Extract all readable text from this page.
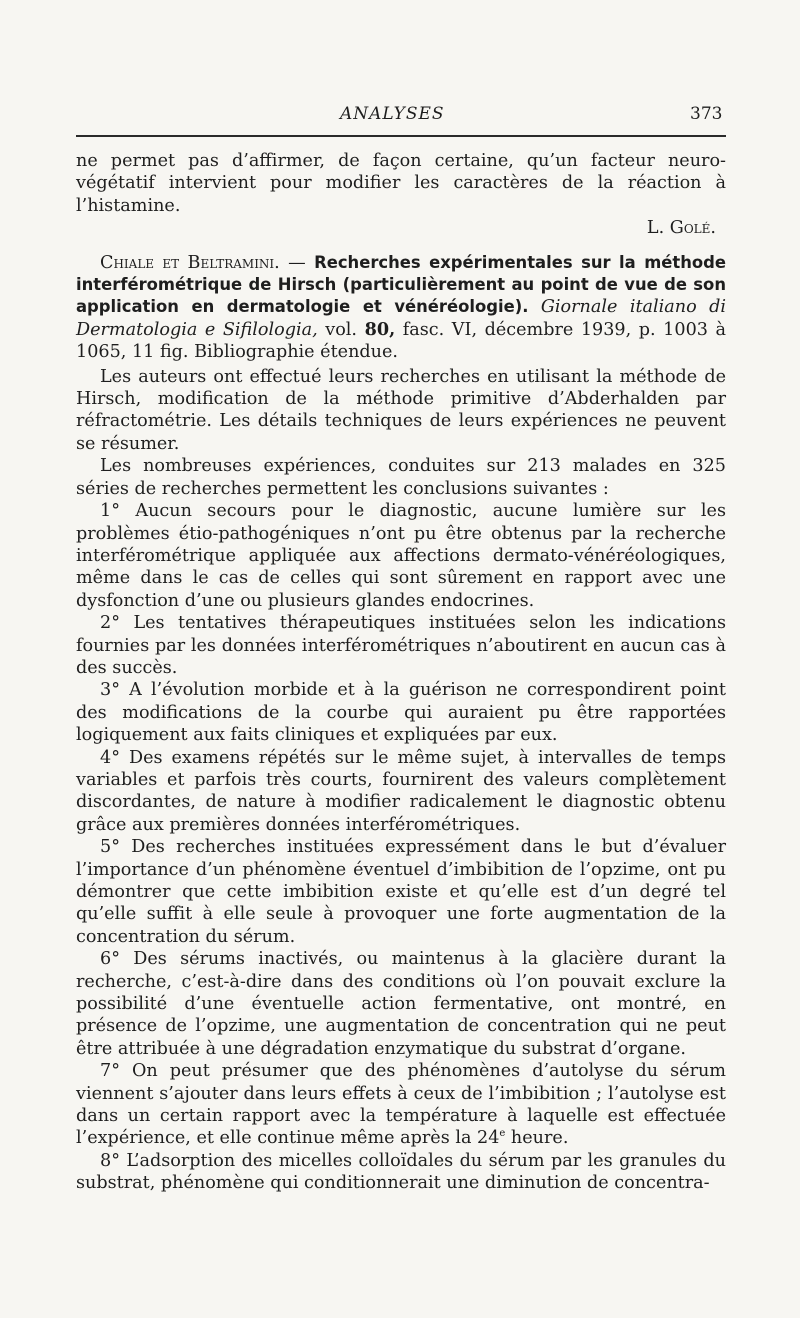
ANALYSES	373

ne permet pas d’affirmer, de façon certaine, qu’un facteur neuro-végétatif intervient pour modifier les caractères de la réaction à l’histamine.

L. Golé.

Chiale et Beltramini. — Recherches expérimentales sur la méthode interférométrique de Hirsch (particulièrement au point de vue de son application en dermatologie et vénéréologie). Giornale italiano di Dermatologia e Sifilologia, vol. 80, fasc. VI, décembre 1939, p. 1003 à 1065, 11 fig. Bibliographie étendue.

Les auteurs ont effectué leurs recherches en utilisant la méthode de Hirsch, modification de la méthode primitive d’Abderhalden par réfractométrie. Les détails techniques de leurs expériences ne peuvent se résumer.

Les nombreuses expériences, conduites sur 213 malades en 325 séries de recherches permettent les conclusions suivantes :

1° Aucun secours pour le diagnostic, aucune lumière sur les problèmes étio-pathogéniques n’ont pu être obtenus par la recherche interférométrique appliquée aux affections dermato-vénéréologiques, même dans le cas de celles qui sont sûrement en rapport avec une dysfonction d’une ou plusieurs glandes endocrines.

2° Les tentatives thérapeutiques instituées selon les indications fournies par les données interférométriques n’aboutirent en aucun cas à des succès.

3° A l’évolution morbide et à la guérison ne correspondirent point des modifications de la courbe qui auraient pu être rapportées logiquement aux faits cliniques et expliquées par eux.

4° Des examens répétés sur le même sujet, à intervalles de temps variables et parfois très courts, fournirent des valeurs complètement discordantes, de nature à modifier radicalement le diagnostic obtenu grâce aux premières données interférométriques.

5° Des recherches instituées expressément dans le but d’évaluer l’importance d’un phénomène éventuel d’imbibition de l’opzime, ont pu démontrer que cette imbibition existe et qu’elle est d’un degré tel qu’elle suffit à elle seule à provoquer une forte augmentation de la concentration du sérum.

6° Des sérums inactivés, ou maintenus à la glacière durant la recherche, c’est-à-dire dans des conditions où l’on pouvait exclure la possibilité d’une éventuelle action fermentative, ont montré, en présence de l’opzime, une augmentation de concentration qui ne peut être attribuée à une dégradation enzymatique du substrat d’organe.

7° On peut présumer que des phénomènes d’autolyse du sérum viennent s’ajouter dans leurs effets à ceux de l’imbibition ; l’autolyse est dans un certain rapport avec la température à laquelle est effectuée l’expérience, et elle continue même après la 24e heure.

8° L’adsorption des micelles colloïdales du sérum par les granules du substrat, phénomène qui conditionnerait une diminution de concentra-
